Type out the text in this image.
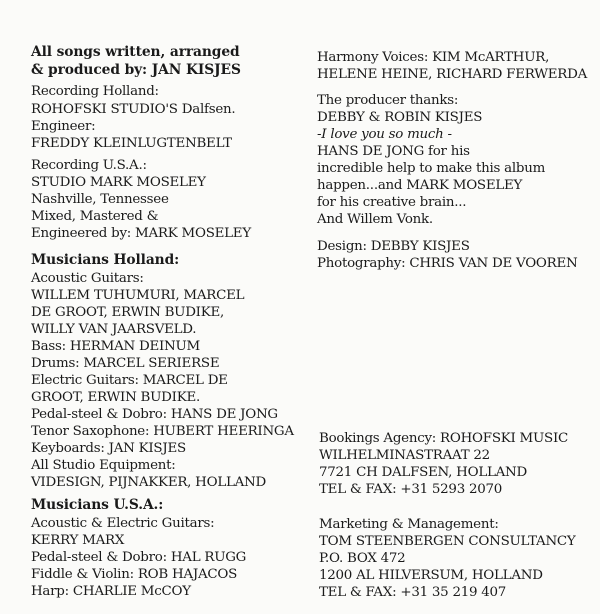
All songs written, arranged
& produced by: JAN KISJES
Recording Holland:
ROHOFSKI STUDIO'S Dalfsen.
Engineer:
FREDDY KLEINLUGTENBELT
Recording U.S.A.:
STUDIO MARK MOSELEY
Nashville, Tennessee
Mixed, Mastered &
Engineered by: MARK MOSELEY
Musicians Holland:
Acoustic Guitars:
WILLEM TUHUMURI, MARCEL
DE GROOT, ERWIN BUDIKE,
WILLY VAN JAARSVELD.
Bass: HERMAN DEINUM
Drums: MARCEL SERIERSE
Electric Guitars: MARCEL DE
GROOT, ERWIN BUDIKE.
Pedal-steel & Dobro: HANS DE JONG
Tenor Saxophone: HUBERT HEERINGA
Keyboards: JAN KISJES
All Studio Equipment:
VIDESIGN, PIJNAKKER, HOLLAND
Musicians U.S.A.:
Acoustic & Electric Guitars:
KERRY MARX
Pedal-steel & Dobro: HAL RUGG
Fiddle & Violin: ROB HAJACOS
Harp: CHARLIE McCOY
Harmony Voices: KIM McARTHUR,
HELENE HEINE, RICHARD FERWERDA
The producer thanks:
DEBBY & ROBIN KISJES
-I love you so much -
HANS DE JONG for his
incredible help to make this album
happen...and MARK MOSELEY
for his creative brain...
And Willem Vonk.
Design: DEBBY KISJES
Photography: CHRIS VAN DE VOOREN
Bookings Agency: ROHOFSKI MUSIC
WILHELMINASTRAAT 22
7721 CH DALFSEN, HOLLAND
TEL & FAX: +31 5293 2070
Marketing & Management:
TOM STEENBERGEN CONSULTANCY
P.O. BOX 472
1200 AL HILVERSUM, HOLLAND
TEL & FAX: +31 35 219 407
